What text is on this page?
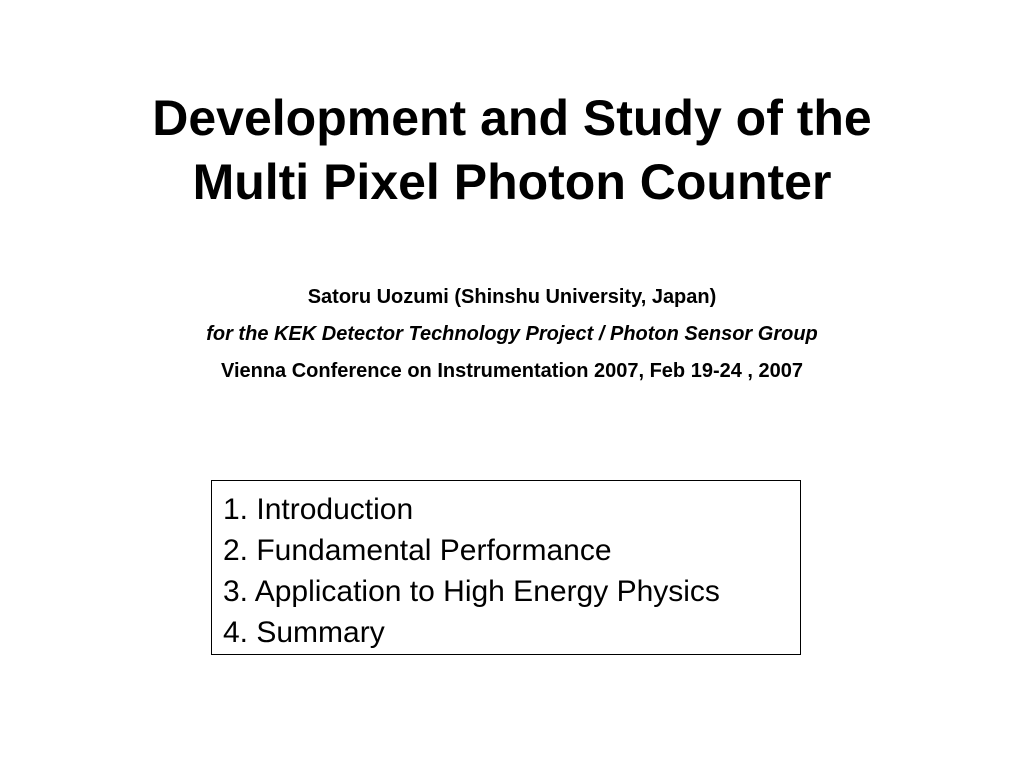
Development and Study of the
Multi Pixel Photon Counter
Satoru Uozumi (Shinshu University, Japan)
for the KEK Detector Technology Project / Photon Sensor Group
Vienna Conference on Instrumentation 2007, Feb 19-24 , 2007
1. Introduction
2. Fundamental Performance
3. Application to High Energy Physics
4. Summary
